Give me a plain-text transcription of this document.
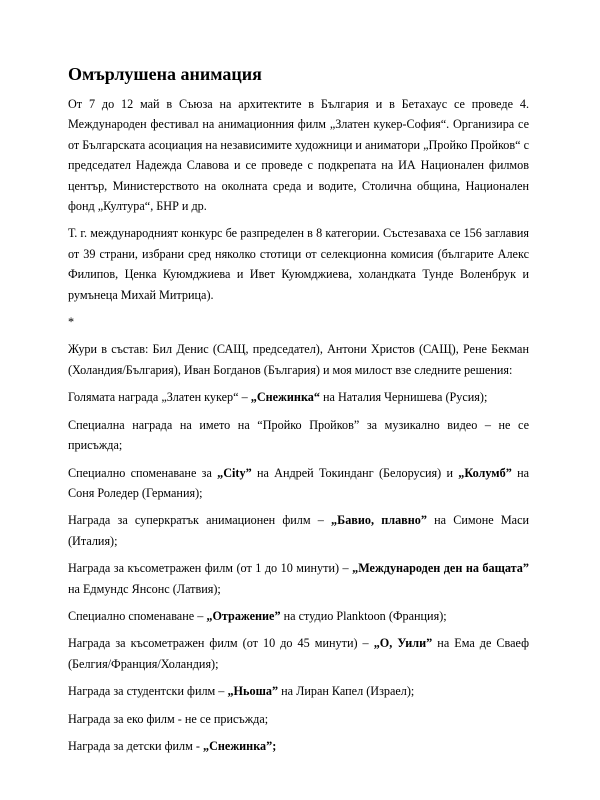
Омърлушена анимация
От 7 до 12 май в Съюза на архитектите в България и в Бетахаус се проведе 4. Международен фестивал на анимационния филм „Златен кукер-София“. Организира се от Българската асоциация на независимите художници и аниматори „Пройко Пройков“ с председател Надежда Славова и се проведе с подкрепата на ИА Национален филмов център, Министерството на околната среда и водите, Столична община, Национален фонд „Култура“, БНР и др.
Т. г. международният конкурс бе разпределен в 8 категории. Състезаваха се 156 заглавия от 39 страни, избрани сред няколко стотици от селекционна комисия (българите Алекс Филипов, Ценка Куюмджиева и Ивет Куюмджиева, холандката Тунде Воленбрук и румънеца Михай Митрица).
*
Жури в състав: Бил Денис (САЩ, председател), Антони Христов (САЩ), Рене Бекман (Холандия/България), Иван Богданов (България) и моя милост взе следните решения:
Голямата награда „Златен кукер“ – „Снежинка“ на Наталия Чернишева (Русия);
Специална награда на името на “Пройко Пройков” за музикално видео – не се присъжда;
Специално споменаване за „City” на Андрей Токинданг (Белорусия) и „Колумб” на Соня Роледер (Германия);
Награда за суперкратък анимационен филм – „Бавио, плавно” на Симоне Маси (Италия);
Награда за късометражен филм (от 1 до 10 минути) – „Международен ден на бащата” на Едмундс Янсонс (Латвия);
Специално споменаване – „Отражение” на студио Planktoon (Франция);
Награда за късометражен филм (от 10 до 45 минути) – „О, Уили” на Ема де Сваеф (Белгия/Франция/Холандия);
Награда за студентски филм – „Ньоша” на Лиран Капел (Израел);
Награда за еко филм - не се присъжда;
Награда за детски филм - „Снежинка”;
